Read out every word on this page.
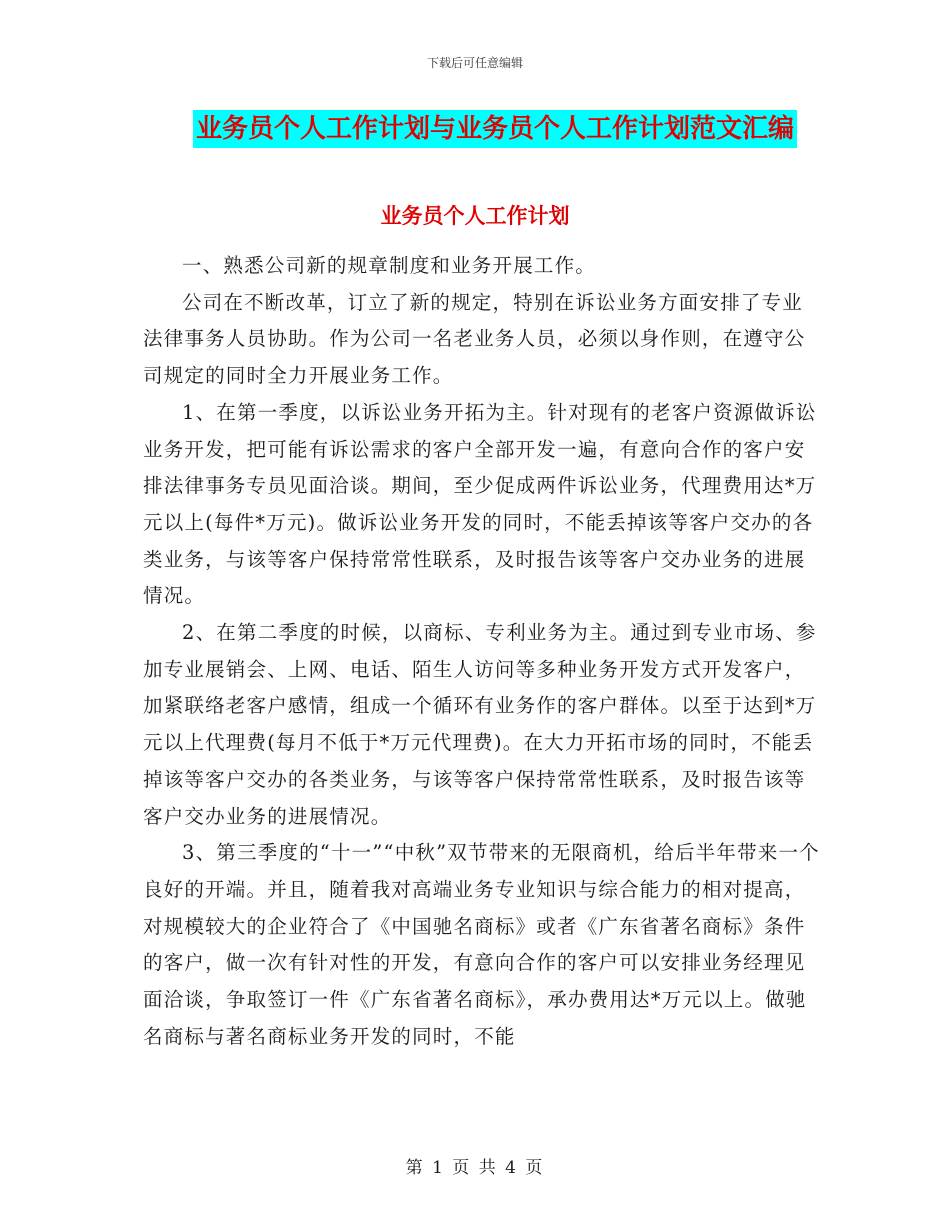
下载后可任意编辑
业务员个人工作计划与业务员个人工作计划范文汇编
业务员个人工作计划

一、熟悉公司新的规章制度和业务开展工作。

公司在不断改革，订立了新的规定，特别在诉讼业务方面安排了专业法律事务人员协助。作为公司一名老业务人员，必须以身作则，在遵守公司规定的同时全力开展业务工作。

1、在第一季度，以诉讼业务开拓为主。针对现有的老客户资源做诉讼业务开发，把可能有诉讼需求的客户全部开发一遍，有意向合作的客户安排法律事务专员见面洽谈。期间，至少促成两件诉讼业务，代理费用达*万元以上(每件*万元)。做诉讼业务开发的同时，不能丢掉该等客户交办的各类业务，与该等客户保持常常性联系，及时报告该等客户交办业务的进展情况。

2、在第二季度的时候，以商标、专利业务为主。通过到专业市场、参加专业展销会、上网、电话、陌生人访问等多种业务开发方式开发客户，加紧联络老客户感情，组成一个循环有业务作的客户群体。以至于达到*万元以上代理费(每月不低于*万元代理费)。在大力开拓市场的同时，不能丢掉该等客户交办的各类业务，与该等客户保持常常性联系，及时报告该等客户交办业务的进展情况。

3、第三季度的“十一”“中秋”双节带来的无限商机，给后半年带来一个良好的开端。并且，随着我对高端业务专业知识与综合能力的相对提高，对规模较大的企业符合了《中国驰名商标》或者《广东省著名商标》条件的客户，做一次有针对性的开发，有意向合作的客户可以安排业务经理见面洽谈，争取签订一件《广东省著名商标》，承办费用达*万元以上。做驰名商标与著名商标业务开发的同时，不能

第 1 页 共 4 页
